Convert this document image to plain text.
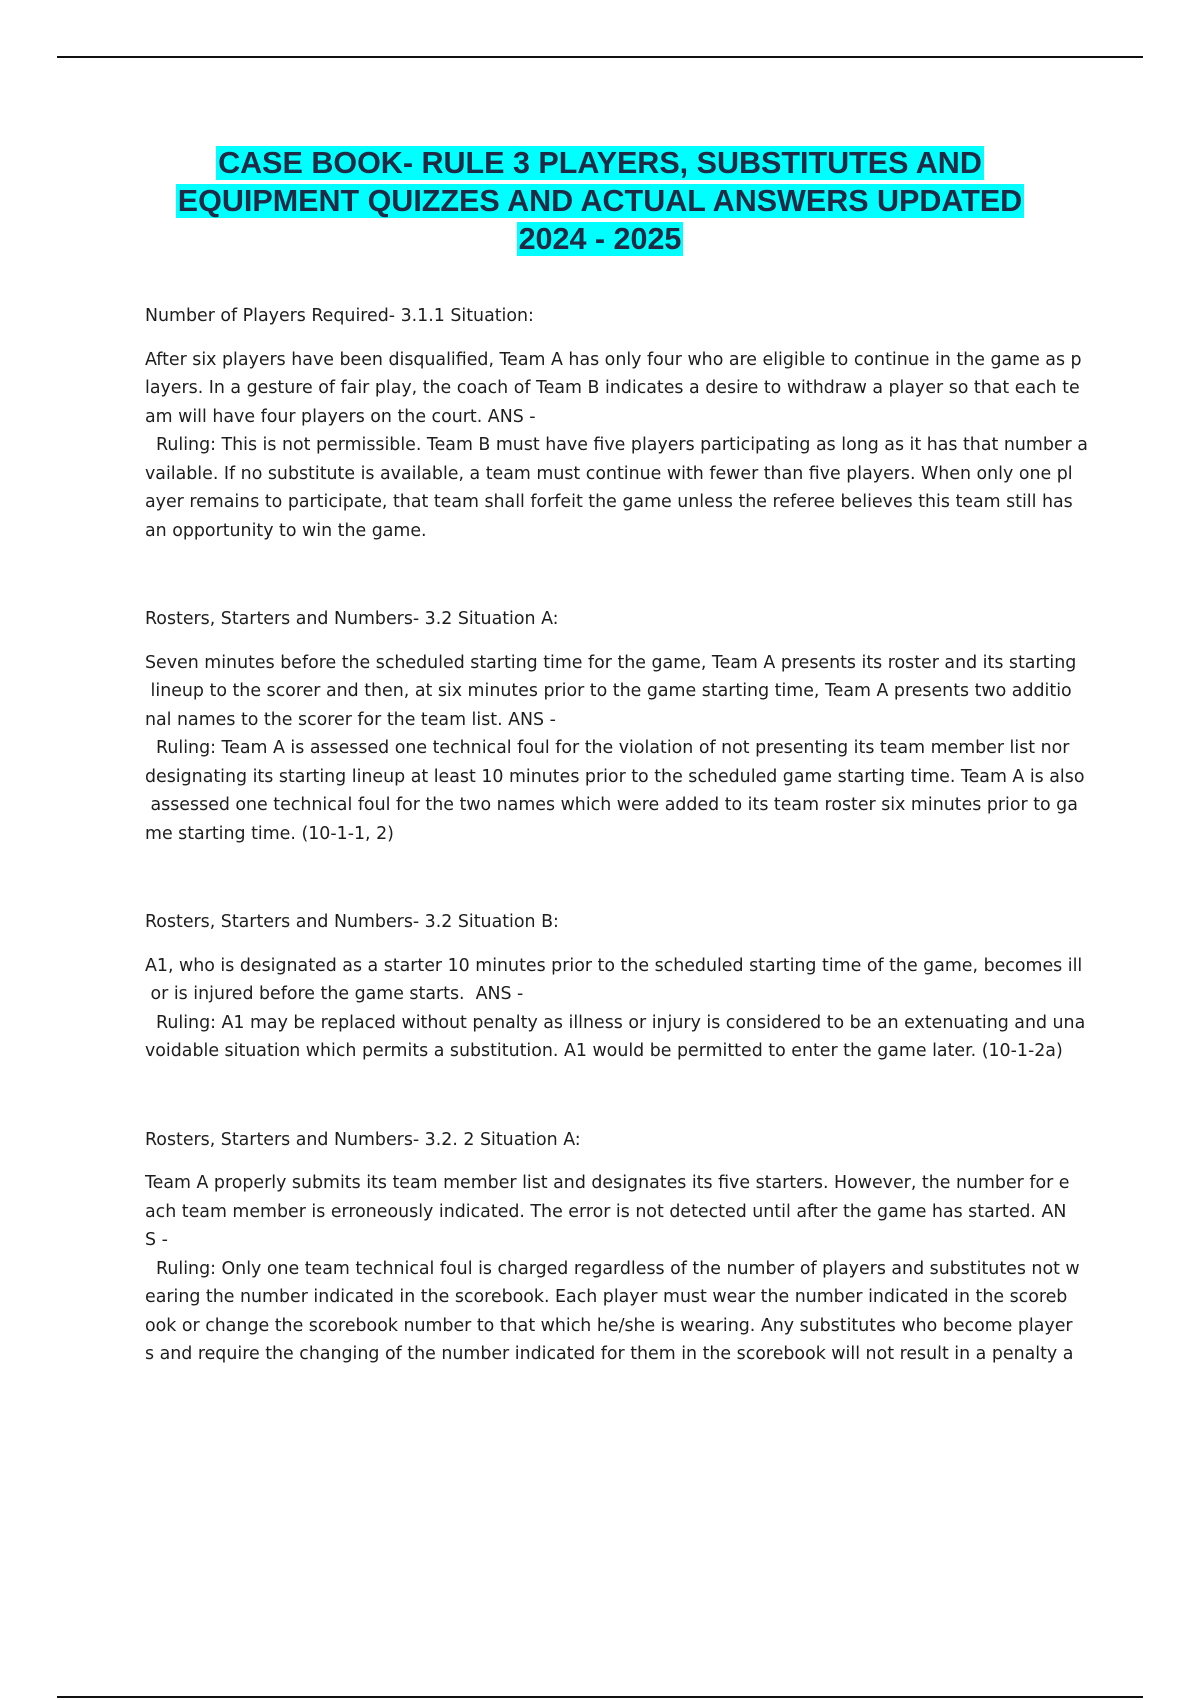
CASE BOOK- RULE 3 PLAYERS, SUBSTITUTES AND
EQUIPMENT QUIZZES AND ACTUAL ANSWERS UPDATED
2024 - 2025
Number of Players Required- 3.1.1 Situation:
After six players have been disqualified, Team A has only four who are eligible to continue in the game as p
layers. In a gesture of fair play, the coach of Team B indicates a desire to withdraw a player so that each te
am will have four players on the court. ANS -
Ruling: This is not permissible. Team B must have five players participating as long as it has that number a
vailable. If no substitute is available, a team must continue with fewer than five players. When only one pl
ayer remains to participate, that team shall forfeit the game unless the referee believes this team still has
an opportunity to win the game.
Rosters, Starters and Numbers- 3.2 Situation A:
Seven minutes before the scheduled starting time for the game, Team A presents its roster and its starting
lineup to the scorer and then, at six minutes prior to the game starting time, Team A presents two additio
nal names to the scorer for the team list. ANS -
Ruling: Team A is assessed one technical foul for the violation of not presenting its team member list nor
designating its starting lineup at least 10 minutes prior to the scheduled game starting time. Team A is also
assessed one technical foul for the two names which were added to its team roster six minutes prior to ga
me starting time. (10-1-1, 2)
Rosters, Starters and Numbers- 3.2 Situation B:
A1, who is designated as a starter 10 minutes prior to the scheduled starting time of the game, becomes ill
or is injured before the game starts.  ANS -
Ruling: A1 may be replaced without penalty as illness or injury is considered to be an extenuating and una
voidable situation which permits a substitution. A1 would be permitted to enter the game later. (10-1-2a)
Rosters, Starters and Numbers- 3.2. 2 Situation A:
Team A properly submits its team member list and designates its five starters. However, the number for e
ach team member is erroneously indicated. The error is not detected until after the game has started. AN
S -
Ruling: Only one team technical foul is charged regardless of the number of players and substitutes not w
earing the number indicated in the scorebook. Each player must wear the number indicated in the scoreb
ook or change the scorebook number to that which he/she is wearing. Any substitutes who become player
s and require the changing of the number indicated for them in the scorebook will not result in a penalty a
